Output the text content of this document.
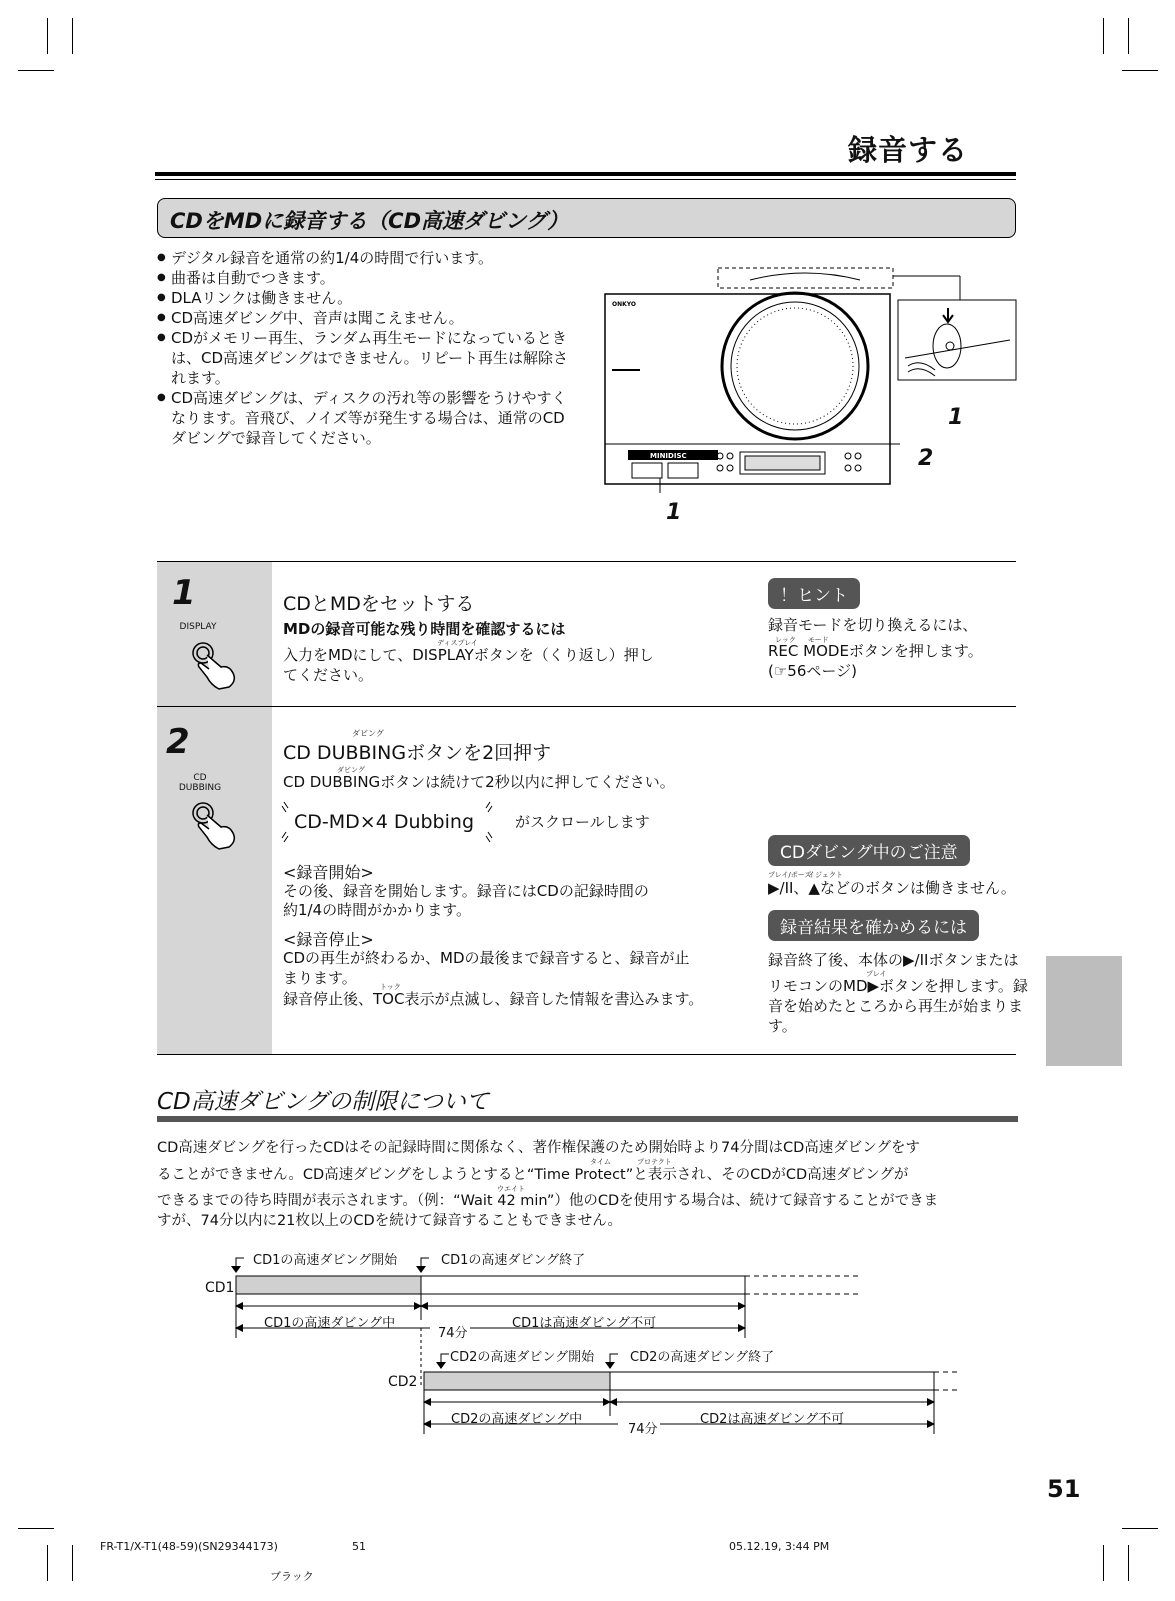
録音する
CDをMDに録音する（CD高速ダビング）
● デジタル録音を通常の約1/4の時間で行います。
● 曲番は自動でつきます。
● DLAリンクは働きません。
● CD高速ダビング中、音声は聞こえません。
● CDがメモリー再生、ランダム再生モードになっているときは、CD高速ダビングはできません。リピート再生は解除されます。
● CD高速ダビングは、ディスクの汚れ等の影響をうけやすくなります。音飛び、ノイズ等が発生する場合は、通常のCDダビングで録音してください。
ONKYO
MINIDISC
1
2
1
1
DISPLAY
CDとMDをセットする
MDの録音可能な残り時間を確認するには
ディスプレイ
入力をMDにして、DISPLAYボタンを（くり返し）押し
てください。
！ヒント
録音モードを切り換えるには、
レック モード
REC MODEボタンを押します。
(☞56ページ)
2
CD
DUBBING
ダビング
CD DUBBINGボタンを2回押す
ダビング
CD DUBBINGボタンは続けて2秒以内に押してください。
CD-MD×4 Dubbing	がスクロールします
<録音開始>
その後、録音を開始します。録音にはCDの記録時間の
約1/4の時間がかかります。
<録音停止>
CDの再生が終わるか、MDの最後まで録音すると、録音が止
まります。	トック
録音停止後、TOC表示が点滅し、録音した情報を書込みます。
CDダビング中のご注意
プレイ/ポーズ
イジェクト
▶/II、▲などのボタンは働きません。
録音結果を確かめるには
録音終了後、本体の▶/IIボタンまたは
プレイ
リモコンのMD▶ボタンを押します。録
音を始めたところから再生が始まりま
す。
CD高速ダビングの制限について
CD高速ダビングを行ったCDはその記録時間に関係なく、著作権保護のため開始時より74分間はCD高速ダビングをす
タイム	プロテクト
ることができません。CD高速ダビングをしようとすると“Time Protect”と表示され、そのCDがCD高速ダビングが
ウエイト
できるまでの待ち時間が表示されます。（例：“Wait 42 min”）他のCDを使用する場合は、続けて録音することができま
すが、74分以内に21枚以上のCDを続けて録音することもできません。
CD1の高速ダビング開始	CD1の高速ダビング終了
CD1
CD1の高速ダビング中	CD1は高速ダビング不可
74分
CD2の高速ダビング開始	CD2の高速ダビング終了
CD2
CD2の高速ダビング中	CD2は高速ダビング不可
74分
51
FR-T1/X-T1(48-59)(SN29344173)	51	05.12.19, 3:44 PM
ブラック
